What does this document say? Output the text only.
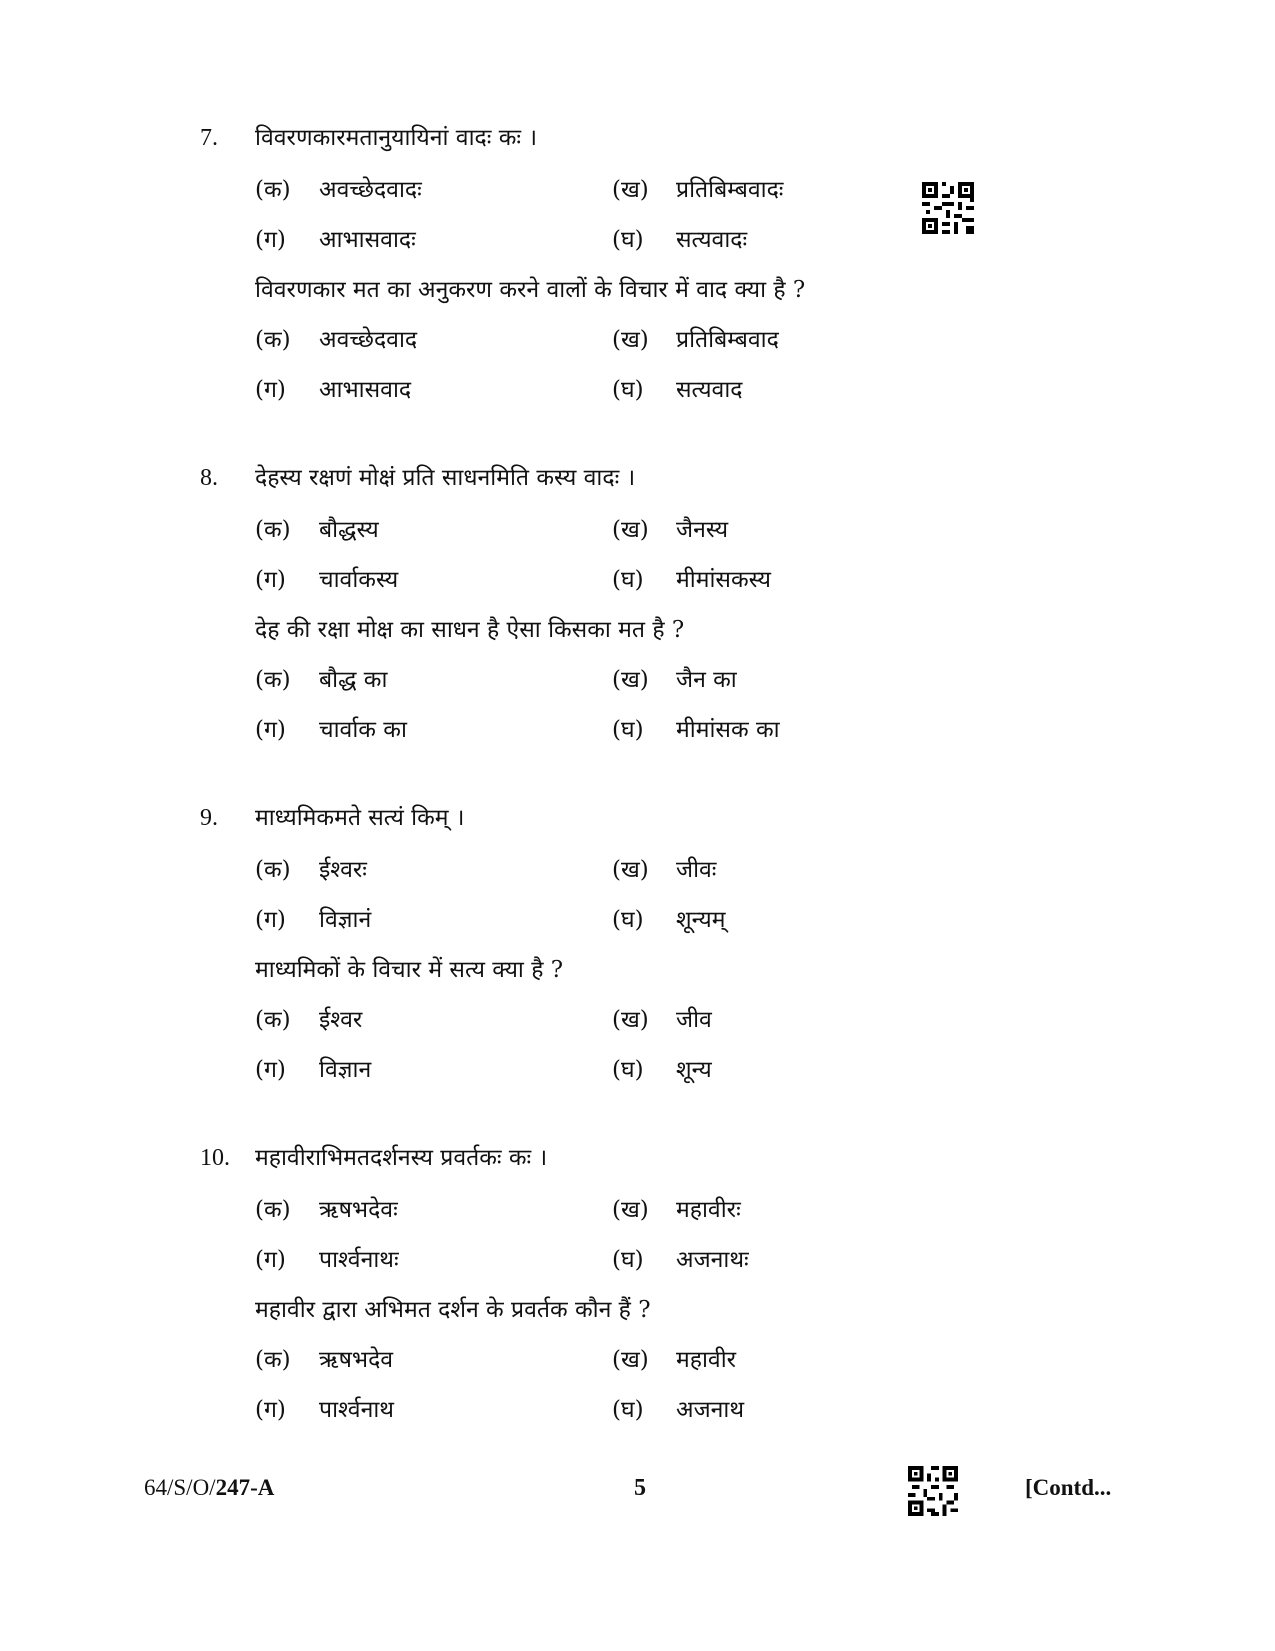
7.	विवरणकारमतानुयायिनां वादः कः ।
(क) अवच्छेदवादः	(ख) प्रतिबिम्बवादः
(ग) आभासवादः	(घ) सत्यवादः
विवरणकार मत का अनुकरण करने वालों के विचार में वाद क्या है ?
(क) अवच्छेदवाद	(ख) प्रतिबिम्बवाद
(ग) आभासवाद	(घ) सत्यवाद
8.	देहस्य रक्षणं मोक्षं प्रति साधनमिति कस्य वादः ।
(क) बौद्धस्य	(ख) जैनस्य
(ग) चार्वाकस्य	(घ) मीमांसकस्य
देह की रक्षा मोक्ष का साधन है ऐसा किसका मत है ?
(क) बौद्ध का	(ख) जैन का
(ग) चार्वाक का	(घ) मीमांसक का
9.	माध्यमिकमते सत्यं किम् ।
(क) ईश्वरः	(ख) जीवः
(ग) विज्ञानं	(घ) शून्यम्
माध्यमिकों के विचार में सत्य क्या है ?
(क) ईश्वर	(ख) जीव
(ग) विज्ञान	(घ) शून्य
10.	महावीराभिमतदर्शनस्य प्रवर्तकः कः ।
(क) ऋषभदेवः	(ख) महावीरः
(ग) पार्श्वनाथः	(घ) अजनाथः
महावीर द्वारा अभिमत दर्शन के प्रवर्तक कौन हैं ?
(क) ऋषभदेव	(ख) महावीर
(ग) पार्श्वनाथ	(घ) अजनाथ
64/S/O/247-A	5	[Contd...
